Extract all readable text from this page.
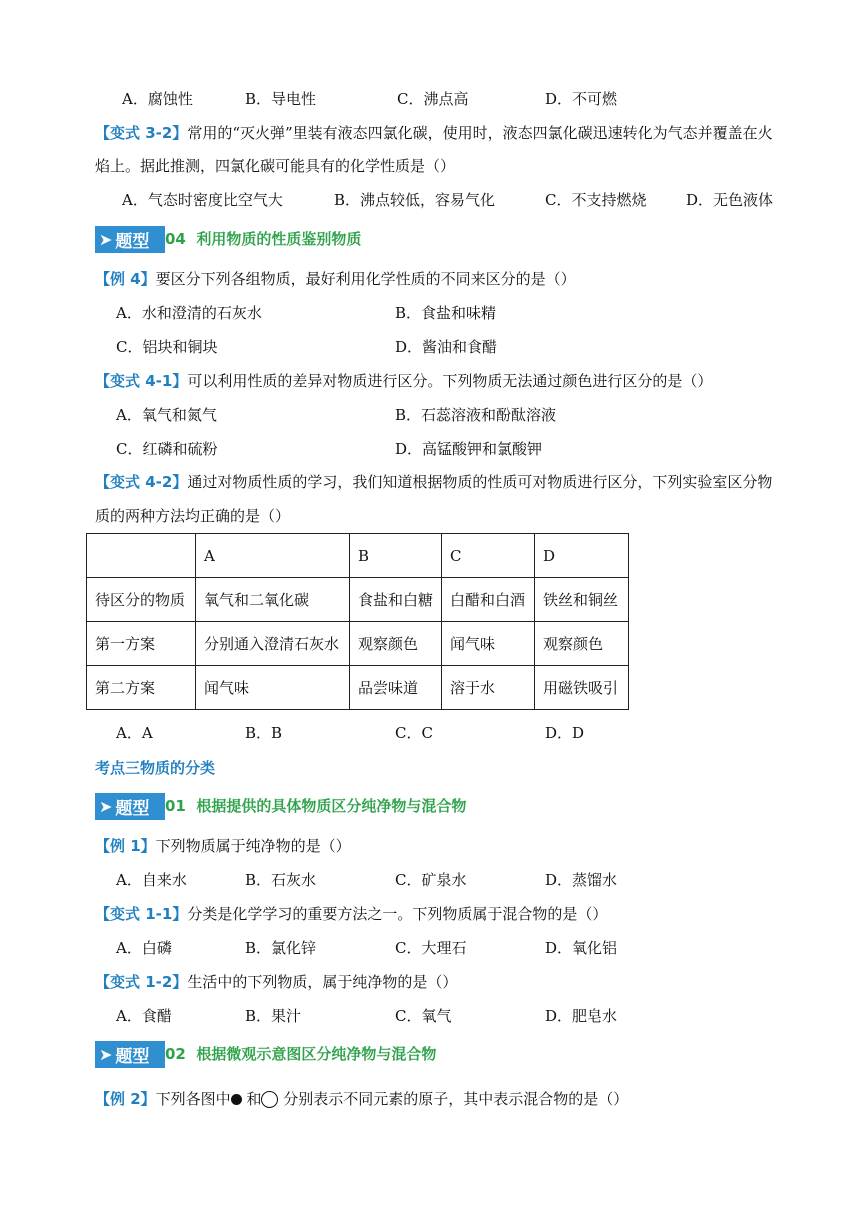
A．腐蚀性	B．导电性	C．沸点高	D．不可燃
【变式 3-2】常用的“灭火弹”里装有液态四氯化碳，使用时，液态四氯化碳迅速转化为气态并覆盖在火
焰上。据此推测，四氯化碳可能具有的化学性质是（）
A．气态时密度比空气大	B．沸点较低，容易气化	C．不支持燃烧	D．无色液体
➤ 题型 04 利用物质的性质鉴别物质
【例 4】要区分下列各组物质，最好利用化学性质的不同来区分的是（）
A．水和澄清的石灰水	B．食盐和味精
C．铝块和铜块	D．酱油和食醋
【变式 4-1】可以利用性质的差异对物质进行区分。下列物质无法通过颜色进行区分的是（）
A．氧气和氮气	B．石蕊溶液和酚酞溶液
C．红磷和硫粉	D．高锰酸钾和氯酸钾
【变式 4-2】通过对物质性质的学习，我们知道根据物质的性质可对物质进行区分，下列实验室区分物
质的两种方法均正确的是（）
	A	B	C	D
待区分的物质	氧气和二氧化碳	食盐和白糖	白醋和白酒	铁丝和铜丝
第一方案	分别通入澄清石灰水	观察颜色	闻气味	观察颜色
第二方案	闻气味	品尝味道	溶于水	用磁铁吸引
A．A	B．B	C．C	D．D
考点三物质的分类
➤ 题型 01 根据提供的具体物质区分纯净物与混合物
【例 1】下列物质属于纯净物的是（）
A．自来水	B．石灰水	C．矿泉水	D．蒸馏水
【变式 1-1】分类是化学学习的重要方法之一。下列物质属于混合物的是（）
A．白磷	B．氯化锌	C．大理石	D．氧化铝
【变式 1-2】生活中的下列物质，属于纯净物的是（）
A．食醋	B．果汁	C．氧气	D．肥皂水
➤ 题型 02 根据微观示意图区分纯净物与混合物
【例 2】下列各图中 和 分别表示不同元素的原子，其中表示混合物的是（）
